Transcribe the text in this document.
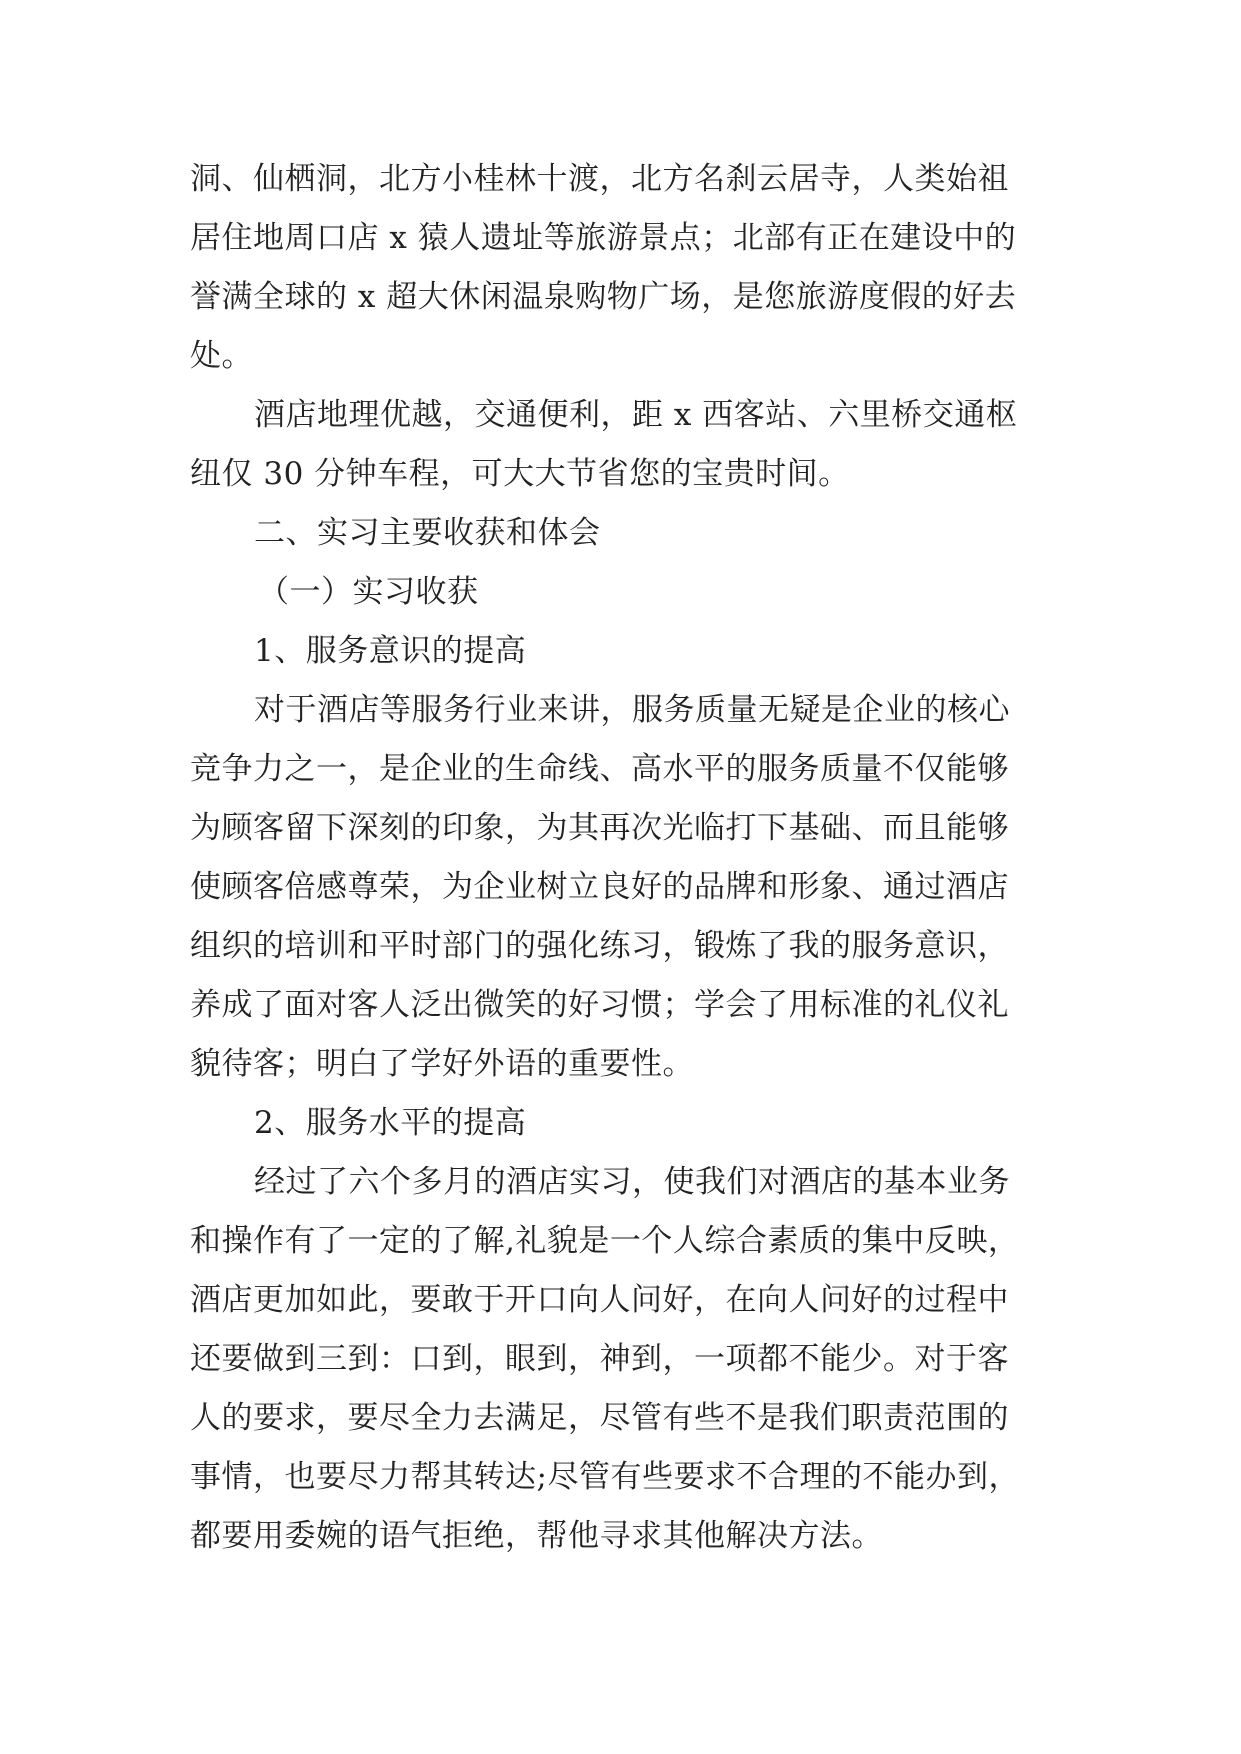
洞、仙栖洞，北方小桂林十渡，北方名刹云居寺，人类始祖
居住地周口店 x 猿人遗址等旅游景点；北部有正在建设中的
誉满全球的 x 超大休闲温泉购物广场，是您旅游度假的好去
处。
酒店地理优越，交通便利，距 x 西客站、六里桥交通枢
纽仅 30 分钟车程，可大大节省您的宝贵时间。
二、实习主要收获和体会
（一）实习收获
1、服务意识的提高
对于酒店等服务行业来讲，服务质量无疑是企业的核心
竞争力之一，是企业的生命线、高水平的服务质量不仅能够
为顾客留下深刻的印象，为其再次光临打下基础、而且能够
使顾客倍感尊荣，为企业树立良好的品牌和形象、通过酒店
组织的培训和平时部门的强化练习，锻炼了我的服务意识，
养成了面对客人泛出微笑的好习惯；学会了用标准的礼仪礼
貌待客；明白了学好外语的重要性。
2、服务水平的提高
经过了六个多月的酒店实习，使我们对酒店的基本业务
和操作有了一定的了解,礼貌是一个人综合素质的集中反映，
酒店更加如此，要敢于开口向人问好，在向人问好的过程中
还要做到三到：口到，眼到，神到，一项都不能少。对于客
人的要求，要尽全力去满足，尽管有些不是我们职责范围的
事情，也要尽力帮其转达;尽管有些要求不合理的不能办到，
都要用委婉的语气拒绝，帮他寻求其他解决方法。
